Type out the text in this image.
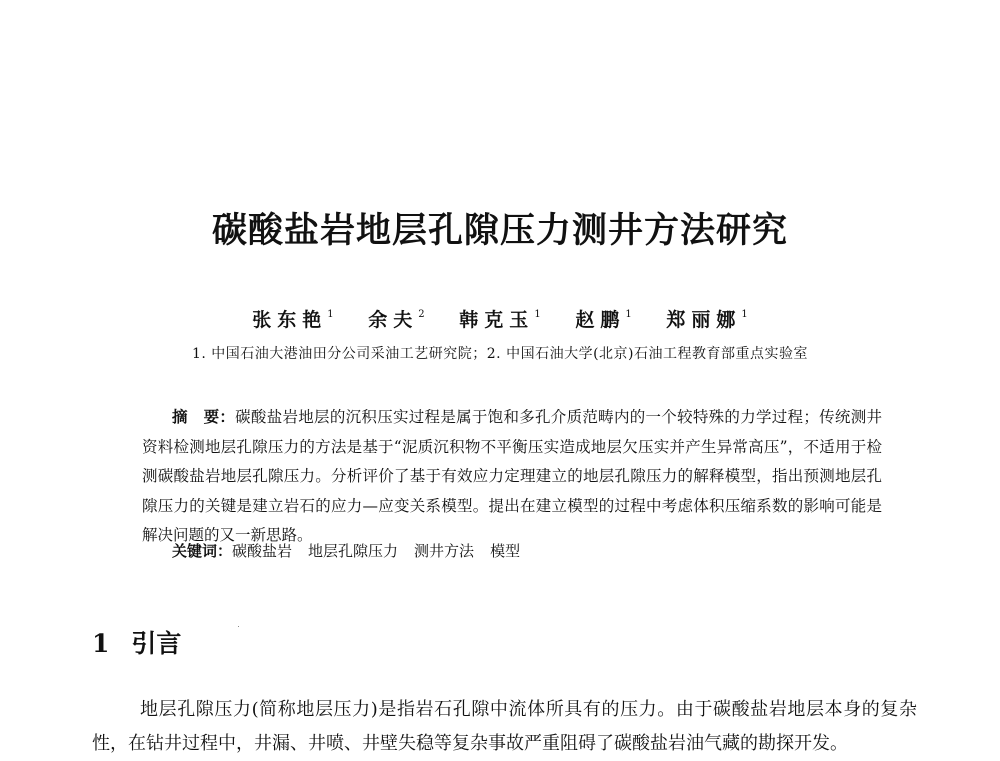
碳酸盐岩地层孔隙压力测井方法研究
张东艳$^1$ 余夫$^2$ 韩克玉$^1$ 赵鹏$^1$ 郑丽娜$^1$
1. 中国石油大港油田分公司采油工艺研究院；2. 中国石油大学(北京)石油工程教育部重点实验室
摘　要：碳酸盐岩地层的沉积压实过程是属于饱和多孔介质范畴内的一个较特殊的力学过程；传统测井资料检测地层孔隙压力的方法是基于“泥质沉积物不平衡压实造成地层欠压实并产生异常高压”，不适用于检测碳酸盐岩地层孔隙压力。分析评价了基于有效应力定理建立的地层孔隙压力的解释模型，指出预测地层孔隙压力的关键是建立岩石的应力—应变关系模型。提出在建立模型的过程中考虑体积压缩系数的影响可能是解决问题的又一新思路。
关键词：碳酸盐岩 地层孔隙压力 测井方法 模型
1 引言
地层孔隙压力(简称地层压力)是指岩石孔隙中流体所具有的压力。由于碳酸盐岩地层本身的复杂性，在钻井过程中，井漏、井喷、井壁失稳等复杂事故严重阻碍了碳酸盐岩油气藏的勘探开发。
